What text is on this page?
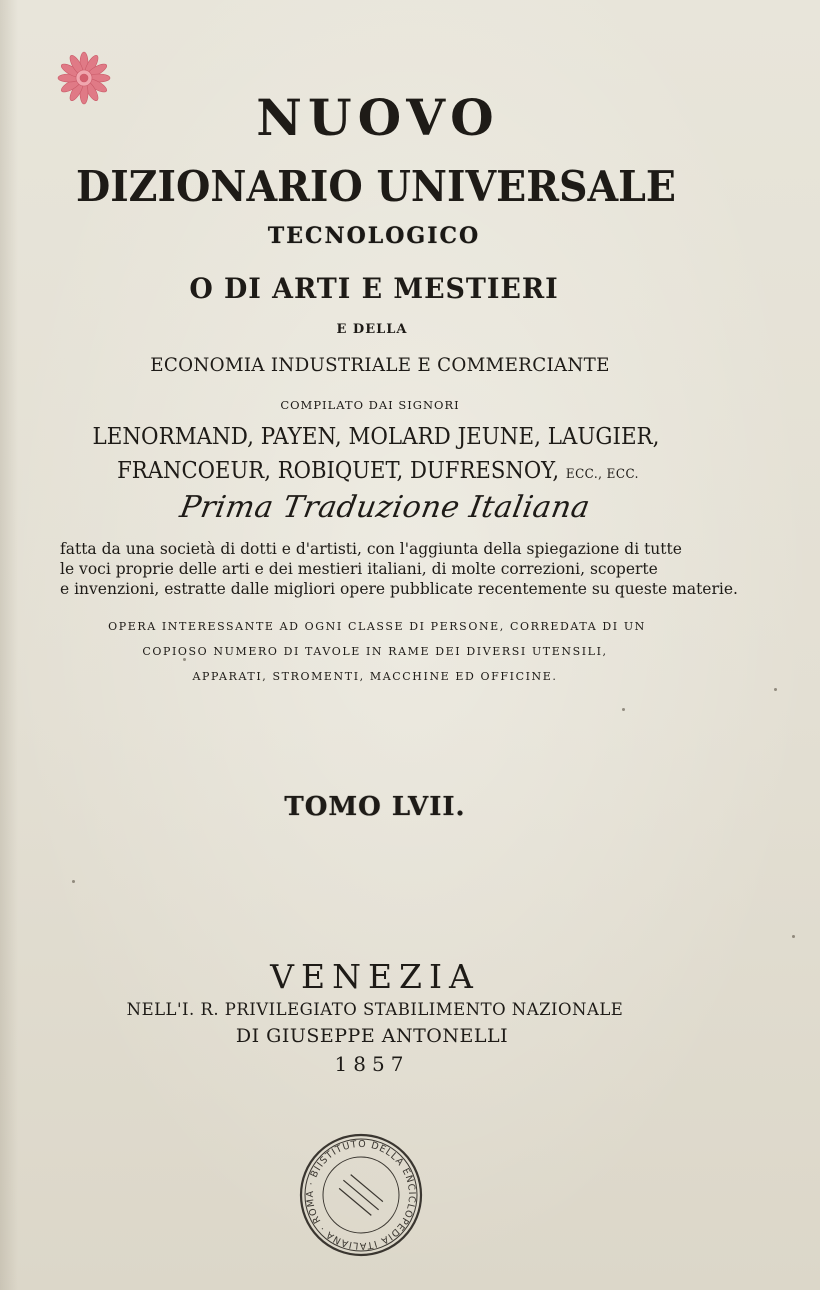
NUOVO

DIZIONARIO UNIVERSALE

TECNOLOGICO

O DI ARTI E MESTIERI

E DELLA

ECONOMIA INDUSTRIALE E COMMERCIANTE

COMPILATO DAI SIGNORI

LENORMAND, PAYEN, MOLARD JEUNE, LAUGIER,

FRANCOEUR, ROBIQUET, DUFRESNOY, ECC., ECC.

Prima Traduzione Italiana

fatta da una società di dotti e d'artisti, con l'aggiunta della spiegazione di tutte
le voci proprie delle arti e dei mestieri italiani, di molte correzioni, scoperte
e invenzioni, estratte dalle migliori opere pubblicate recentemente su queste materie.

OPERA INTERESSANTE AD OGNI CLASSE DI PERSONE, CORREDATA DI UN

COPIOSO NUMERO DI TAVOLE IN RAME DEI DIVERSI UTENSILI,

APPARATI, STROMENTI, MACCHINE ED OFFICINE.

TOMO LVII.

VENEZIA

NELL'I. R. PRIVILEGIATO STABILIMENTO NAZIONALE

DI GIUSEPPE ANTONELLI

1857

ISTITUTO DELLA ENCICLOPEDIA ITALIANA · ROMA · BIBLIOTECA
